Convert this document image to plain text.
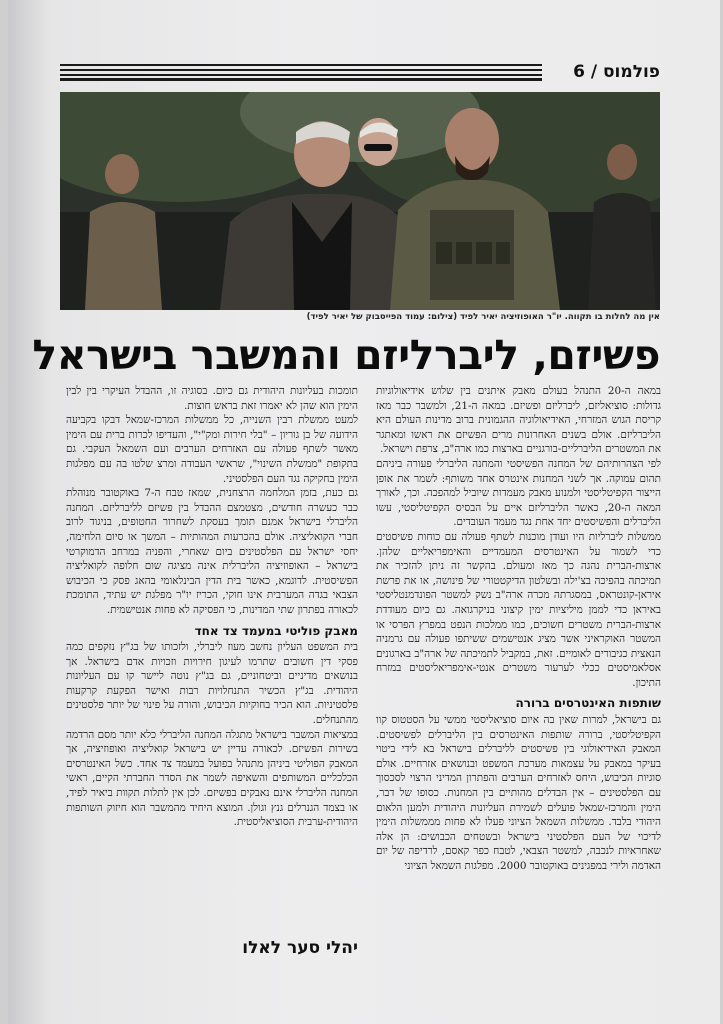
פולמוס / 6
אין מה לחלות בו תקווה. יו"ר האופוזיציה יאיר לפיד (צילום: עמוד הפייסבוק של יאיר לפיד)
פשיזם, ליברליזם והמשבר בישראל

במאה ה-20 התנהל בעולם מאבק איתנים בין שלוש אידיאולוגיות גדולות: סוציאליזם, ליברליזם ופשיזם. במאה ה-21, ולמשבר כבר מאז קריסת הגוש המזרחי, האידיאולוגיה ההגמונית ברוב מדינות העולם היא הליברליזם. אולם בשנים האחרונות מרים הפשיזם את ראשו ומאתגר את המשטרים הליברליים-בורגניים בארצות כמו ארה"ב, צרפת וישראל.

לפי הצהרותיהם של המחנה הפשיסטי והמחנה הליברלי פעורה ביניהם תהום עמוקה. אך לשני המחנות אינטרס אחד משותף: לשמר את אופן הייצור הקפיטליסטי ולמנוע מאבק מעמדות שיוביל למהפכה. וכך, לאורך המאה ה-20, כאשר הליברליזם איים על הבסיס הקפיטליסטי, עשו הליברלים והפשיסטים יחד אחת נגד מעמד העובדים.

ממשלות ליברליות היו ועודן מוכנות לשתף פעולה עם כוחות פשיסטים כדי לשמור על האינטרסים המעמדיים והאימפריאליים שלהן. ארצות-הברית נהגה כך מאז ומעולם. בהקשר זה ניתן להזכיר את תמיכתה בהפיכה בצ'ילה ובשלטון הדיקטטורי של פינושה, או את פרשת איראן-קונטראס, במסגרתה מכרה ארה"ב נשק למשטר הפונדמנטליסטי באיראן כדי לממן מיליציות ימין קיצוני בניקרגואה. גם כיום מעודדת ארצות-הברית משטרים חשוכים, כמו ממלכות הנפט במפרץ הפרסי או המשטר האוקראיני אשר מציג אנטישמים ששיתפו פעולה עם גרמניה הנאצית כגיבורים לאומיים. זאת, במקביל לתמיכתה של ארה"ב בארגונים אסלאמיסטים ככלי לערעור משטרים אנטי-אימפריאליסטים במזרח התיכון.

שותפות האינטרסים ברורה

גם בישראל, למרות שאין בה איום סוציאליסטי ממשי על הסטטוס קוו הקפיטליסטי, ברורה שותפות האינטרסים בין הליברלים לפשיסטים. המאבק האידיאולוגי בין פשיסטים לליברלים בישראל בא לידי ביטוי בעיקר במאבק על עצמאות מערכת המשפט ובנושאים אזרחיים. אולם סוגיות הכיבוש, היחס לאזרחים הערבים והפתרון המדיני הרצוי לסכסוך עם הפלסטינים – אין הבדלים מהותיים בין המחנות. כסופו של דבר, הימין והמרכז-שמאל פועלים לשמירת העליונות היהודית ולמען הלאום היהודי בלבד. ממשלות השמאל הציוני פעלו לא פחות מממשלות הימין לדיכוי של העם הפלסטיני בישראל ובשטחים הכבושים: הן אלה שאחראיות לנכבה, למשטר הצבאי, לטבח כפר קאסם, לרדיפה של יום האדמה ולירי במפגינים באוקטובר 2000. מפלגות השמאל הציוני

תומכות בעליונות היהודית גם כיום. בסוגיה זו, ההבדל העיקרי בין לבין הימין הוא שהן לא יאמרו זאת בראש חוצות.

למעט ממשלת רבין השנייה, כל ממשלות המרכז-שמאל דבקו בקביעה הידועה של בן גוריון – "בלי חירות ומק"י", והעדיפו לכרות ברית עם הימין מאשר לשתף פעולה עם האזרחים הערבים ועם השמאל העקבי. גם בתקופת "ממשלת השינוי", שראשי העבודה ומרצ שלטו בה עם מפלגות הימין בחקיקה נגד העם הפלסטיני.

גם כעת, בזמן המלחמה הרצחנית, שמאז טבח ה-7 באוקטובר מנוהלת כבר כעשרה חודשים, מצטמצם ההבדל בין פשיזם לליברליזם. המחנה הליברלי בישראל אמנם תומך בעסקת לשחרור החטופים, בניגוד לרוב חברי הקואליציה. אולם בהכרעות המהותיות – המשך או סיום הלחימה, יחסי ישראל עם הפלסטינים ביום שאחרי, והפניה במרחב הדמוקרטי בישראל – האופוזיציה הליברלית אינה מציגה שום חלופה לקואליציה הפשיסטית. לדוגמא, כאשר בית הדין הבינלאומי בהאג פסק כי הכיבוש הצבאי בגדה המערבית אינו חוקי, הכריז יו"ר מפלגת יש עתיד, התומכת לכאורה בפתרון שתי המדינות, כי הפסיקה לא פחות אנטישמית.

מאבק פוליטי במעמד צד אחד

בית המשפט העליון נחשב מעוז ליברלי, ולזכותו של בג"ץ נזקפים כמה פסקי דין חשובים שתרמו לעיגון חירויות וזכויות אדם בישראל. אך בנושאים מדיניים וביטחוניים, גם בג"ץ נוטה ליישר קו עם העליונות היהודית. בג"ץ הכשיר התנחלויות רבות ואישר הפקעת קרקעות פלסטיניות. הוא הכיר בחוקיות הכיבוש, והורה על פינוי של יותר פלסטינים מהתנחלים.

במציאות המשבר בישראל מתגלה המחנה הליברלי כלא יותר מסם הרדמה בשירות הפשיזם. לכאורה עדיין יש בישראל קואליציה ואופוזיציה, אך המאבק הפוליטי ביניהן מתנהל בפועל במעמד צד אחד. כשל האינטרסים הכלכליים המשותפים והשאיפה לשמר את הסדר החברתי הקיים, ראשי המחנה הליברלי אינם נאבקים בפשיזם. לכן אין לתלות תקוות ביאיר לפיד, או בצמד הגנרלים גנץ וגולן. המוצא היחיד מהמשבר הוא חיזוק השותפות היהודית-ערבית הסוציאליסטית.

יהלי סער לאלו
